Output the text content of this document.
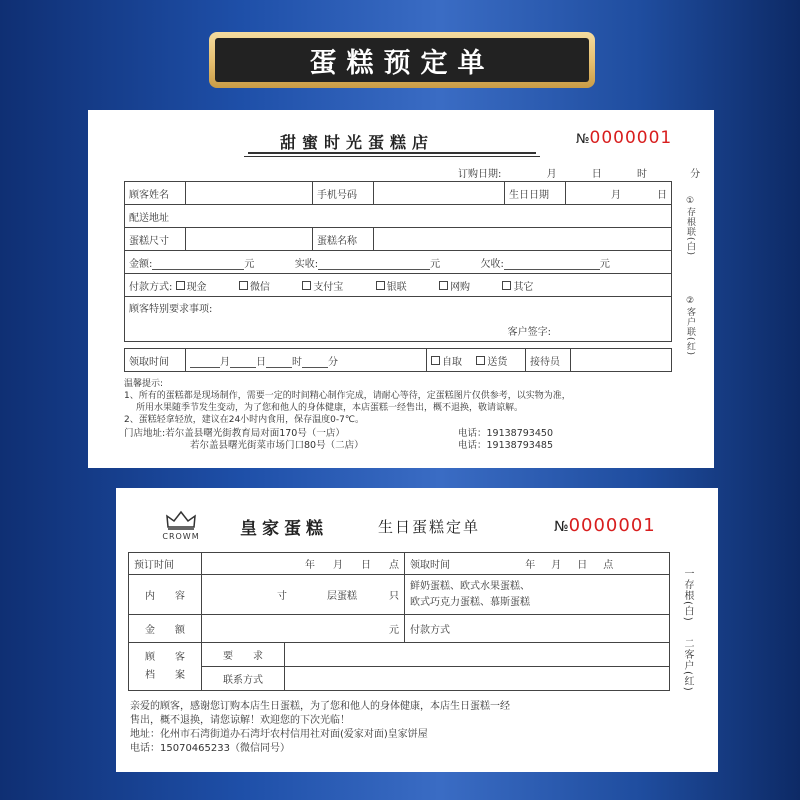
蛋糕预定单
甜蜜时光蛋糕店	№0000001
订购日期:	月	日	时	分
顾客姓名		手机号码		生日日期	月 日
配送地址					
蛋糕尺寸		蛋糕名称			
金额: 元 实收: 元 欠收: 元					
付款方式: 现金 微信 支付宝 银联 网购 其它					

顾客特别要求事项:
客户签字:					
领取时间	月	日	时	分	自取	送货	接待员	
①存根联(白)
②客户联(红)
温馨提示:
1、所有的蛋糕都是现场制作，需要一定的时间精心制作完成，请耐心等待，定蛋糕图片仅供参考，以实物为准，
所用水果随季节发生变动，为了您和他人的身体健康，本店蛋糕一经售出，概不退换，敬请谅解。
2、蛋糕轻拿轻放，建议在24小时内食用，保存温度0-7℃。
门店地址:若尔盖县曙光街教育局对面170号（一店）
若尔盖县曙光街菜市场门口80号（二店）
电话：19138793450
电话：19138793485
CROWM	皇家蛋糕	生日蛋糕定单	№0000001
预订时间	年 月 日 点		领取时间 年 月 日 点
内　　容	寸 层蛋糕 只		鲜奶蛋糕、欧式水果蛋糕、
欧式巧克力蛋糕、慕斯蛋糕

金　　额	元		付款方式

顾　　客
档　　案	要　　求		
	联系方式		
一存根(白)
二客户(红)
亲爱的顾客，感谢您订购本店生日蛋糕，为了您和他人的身体健康，本店生日蛋糕一经
售出，概不退换，请您谅解！欢迎您的下次光临！
地址：化州市石湾街道办石湾圩农村信用社对面(爱家对面)皇家饼屋
电话：15070465233（微信同号）
